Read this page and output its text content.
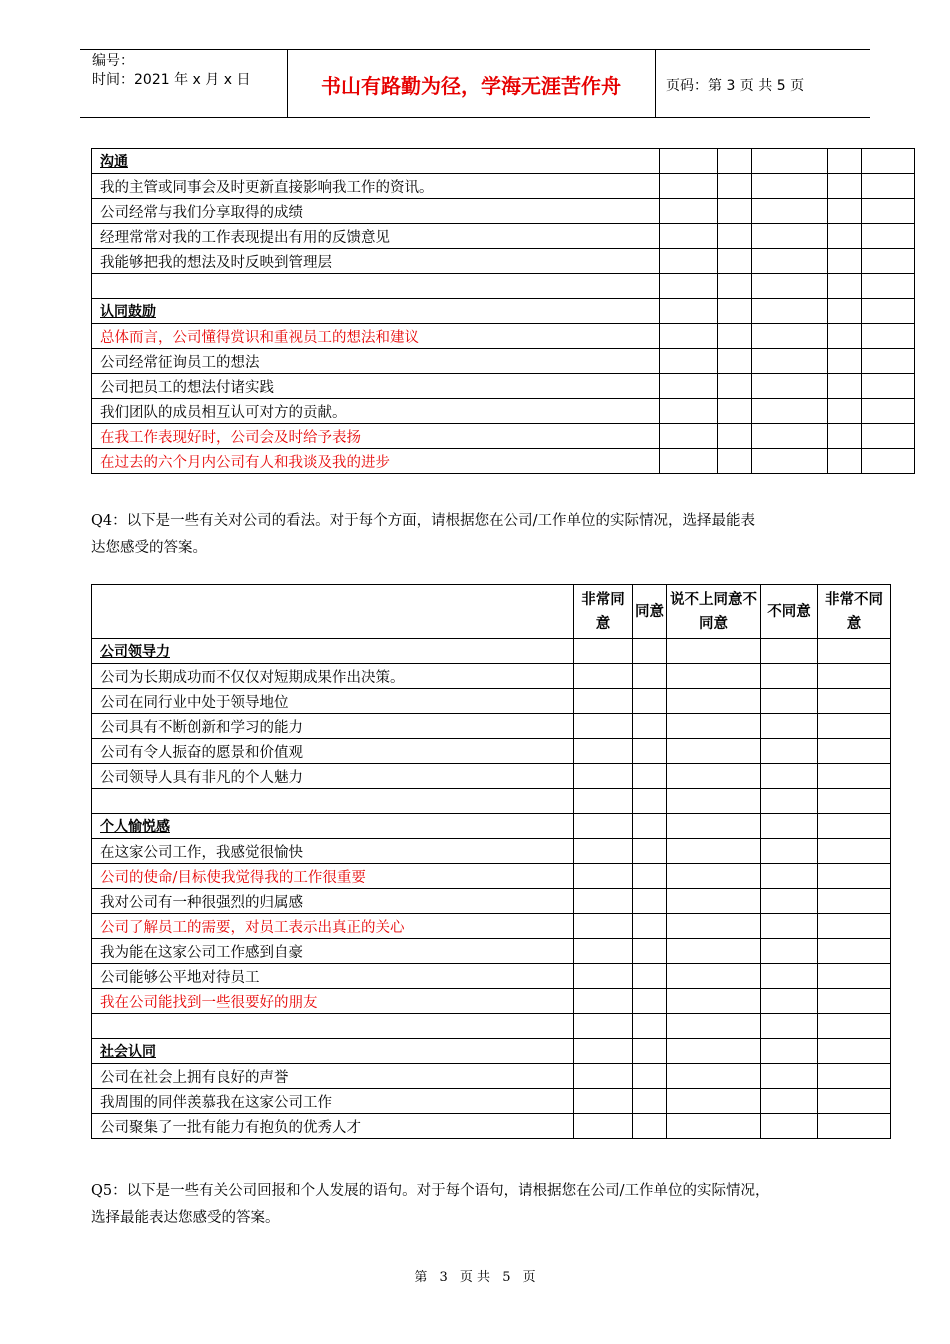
编号：
时间：2021 年 x 月 x 日	书山有路勤为径，学海无涯苦作舟	页码：第 3 页 共 5 页
沟通					
我的主管或同事会及时更新直接影响我工作的资讯。					
公司经常与我们分享取得的成绩					
经理常常对我的工作表现提出有用的反馈意见					
我能够把我的想法及时反映到管理层					

认同鼓励					
总体而言，公司懂得赏识和重视员工的想法和建议					
公司经常征询员工的想法					
公司把员工的想法付诸实践					
我们团队的成员相互认可对方的贡献。					
在我工作表现好时，公司会及时给予表扬					
在过去的六个月内公司有人和我谈及我的进步					
Q4：以下是一些有关对公司的看法。对于每个方面，请根据您在公司/工作单位的实际情况，选择最能表
达您感受的答案。
	非常同意	同意	说不上同意不同意	不同意	非常不同意
公司领导力					
公司为长期成功而不仅仅对短期成果作出决策。					
公司在同行业中处于领导地位					
公司具有不断创新和学习的能力					
公司有令人振奋的愿景和价值观					
公司领导人具有非凡的个人魅力					

个人愉悦感					
在这家公司工作，我感觉很愉快					
公司的使命/目标使我觉得我的工作很重要					
我对公司有一种很强烈的归属感					
公司了解员工的需要，对员工表示出真正的关心					
我为能在这家公司工作感到自豪					
公司能够公平地对待员工					
我在公司能找到一些很要好的朋友					

社会认同					
公司在社会上拥有良好的声誉					
我周围的同伴羡慕我在这家公司工作					
公司聚集了一批有能力有抱负的优秀人才					
Q5：以下是一些有关公司回报和个人发展的语句。对于每个语句，请根据您在公司/工作单位的实际情况，
选择最能表达您感受的答案。
第 3 页 共 5 页
